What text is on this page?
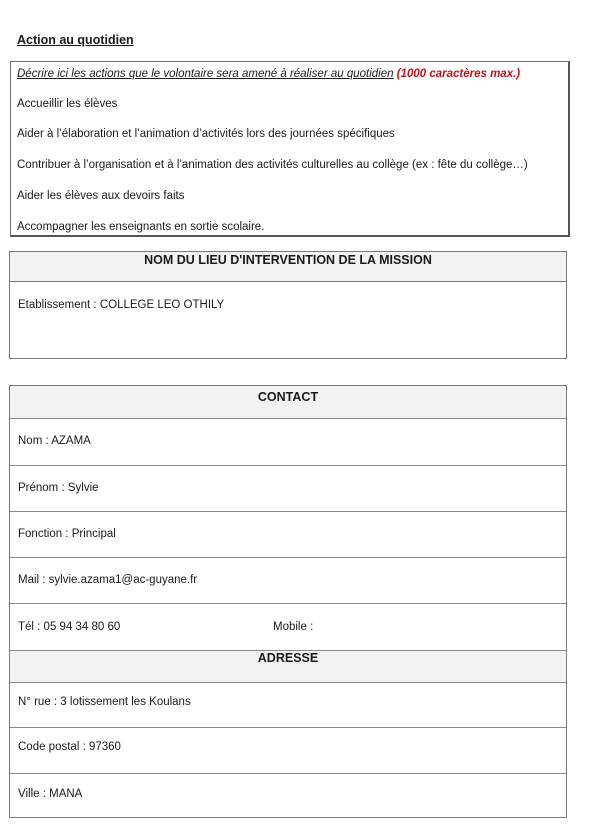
Action au quotidien
Décrire ici les actions que le volontaire sera amené à réaliser au quotidien (1000 caractères max.)
Accueillir les élèves
Aider à l’élaboration et l’animation d’activités lors des journées spécifiques
Contribuer à l’organisation et à l’animation des activités culturelles au collège (ex : fête du collège…)
Aider les élèves aux devoirs faits
Accompagner les enseignants en sortie scolaire.
NOM DU LIEU D'INTERVENTION DE LA MISSION
Etablissement : COLLEGE LEO OTHILY
CONTACT
Nom : AZAMA
Prénom : Sylvie
Fonction : Principal
Mail : sylvie.azama1@ac-guyane.fr
Tél : 05 94 34 80 60	Mobile :
ADRESSE
N° rue : 3 lotissement les Koulans
Code postal : 97360
Ville : MANA
